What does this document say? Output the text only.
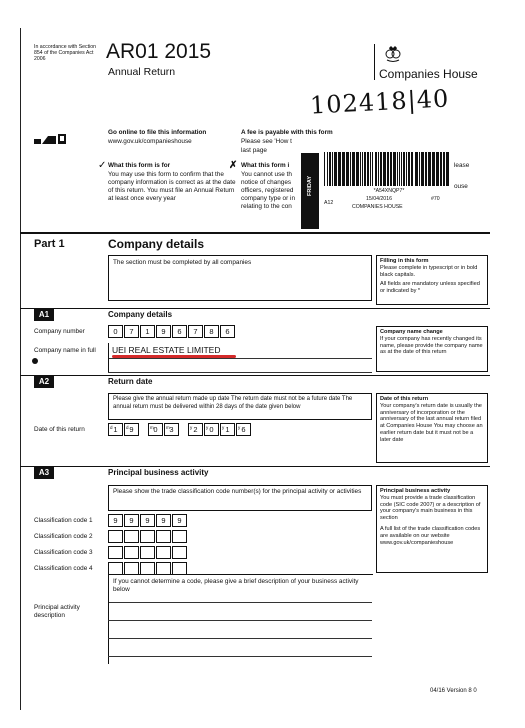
In accordance with Section 854 of the Companies Act 2006	AR01 2015
Annual Return	Companies House
102418|40
Go online to file this information
www.gov.uk/companieshouse
A fee is payable with this form
Please see 'How t
last page
✓ What this form is for
You may use this form to confirm that the company information is correct as at the date of this return. You must file an Annual Return at least once every year
✗ What this form i
You cannot use th notice of changes officers, registered company type or in relating to the con
lease
ouse
FRIDAY	*A54XNQP7*
A12
15/04/2016	#70
COMPANIES HOUSE
Part 1	Company details
The section must be completed by all companies	Filling in this form
Please complete in typescript or in bold black capitals.
All fields are mandatory unless specified or indicated by *
A1	Company details
Company number	0	7	1	9	6	7	8	6
Company name in full UEI REAL ESTATE LIMITED
Company name change
If your company has recently changed its name, please provide the company name as at the date of this return
A2	Return date
Please give the annual return made up date The return date must not be a future date The annual return must be delivered within 28 days of the date given below
Date of this return	d 1	d 9	m 0	m 3	y 2	y 0	y 1	y 6
Date of this return
Your company's return date is usually the anniversary of incorporation or the anniversary of the last annual return filed at Companies House You may choose an earlier return date but it must not be a later date
A3	Principal business activity
Please show the trade classification code number(s) for the principal activity or activities
Classification code 1	9	9	9	9	9
Classification code 2
Classification code 3
Classification code 4
If you cannot determine a code, please give a brief description of your business activity below
Principal activity description
Principal business activity
You must provide a trade classification code (SIC code 2007) or a description of your company's main business in this section
A full list of the trade classification codes are available on our website www.gov.uk/companieshouse
04/16 Version 8 0
